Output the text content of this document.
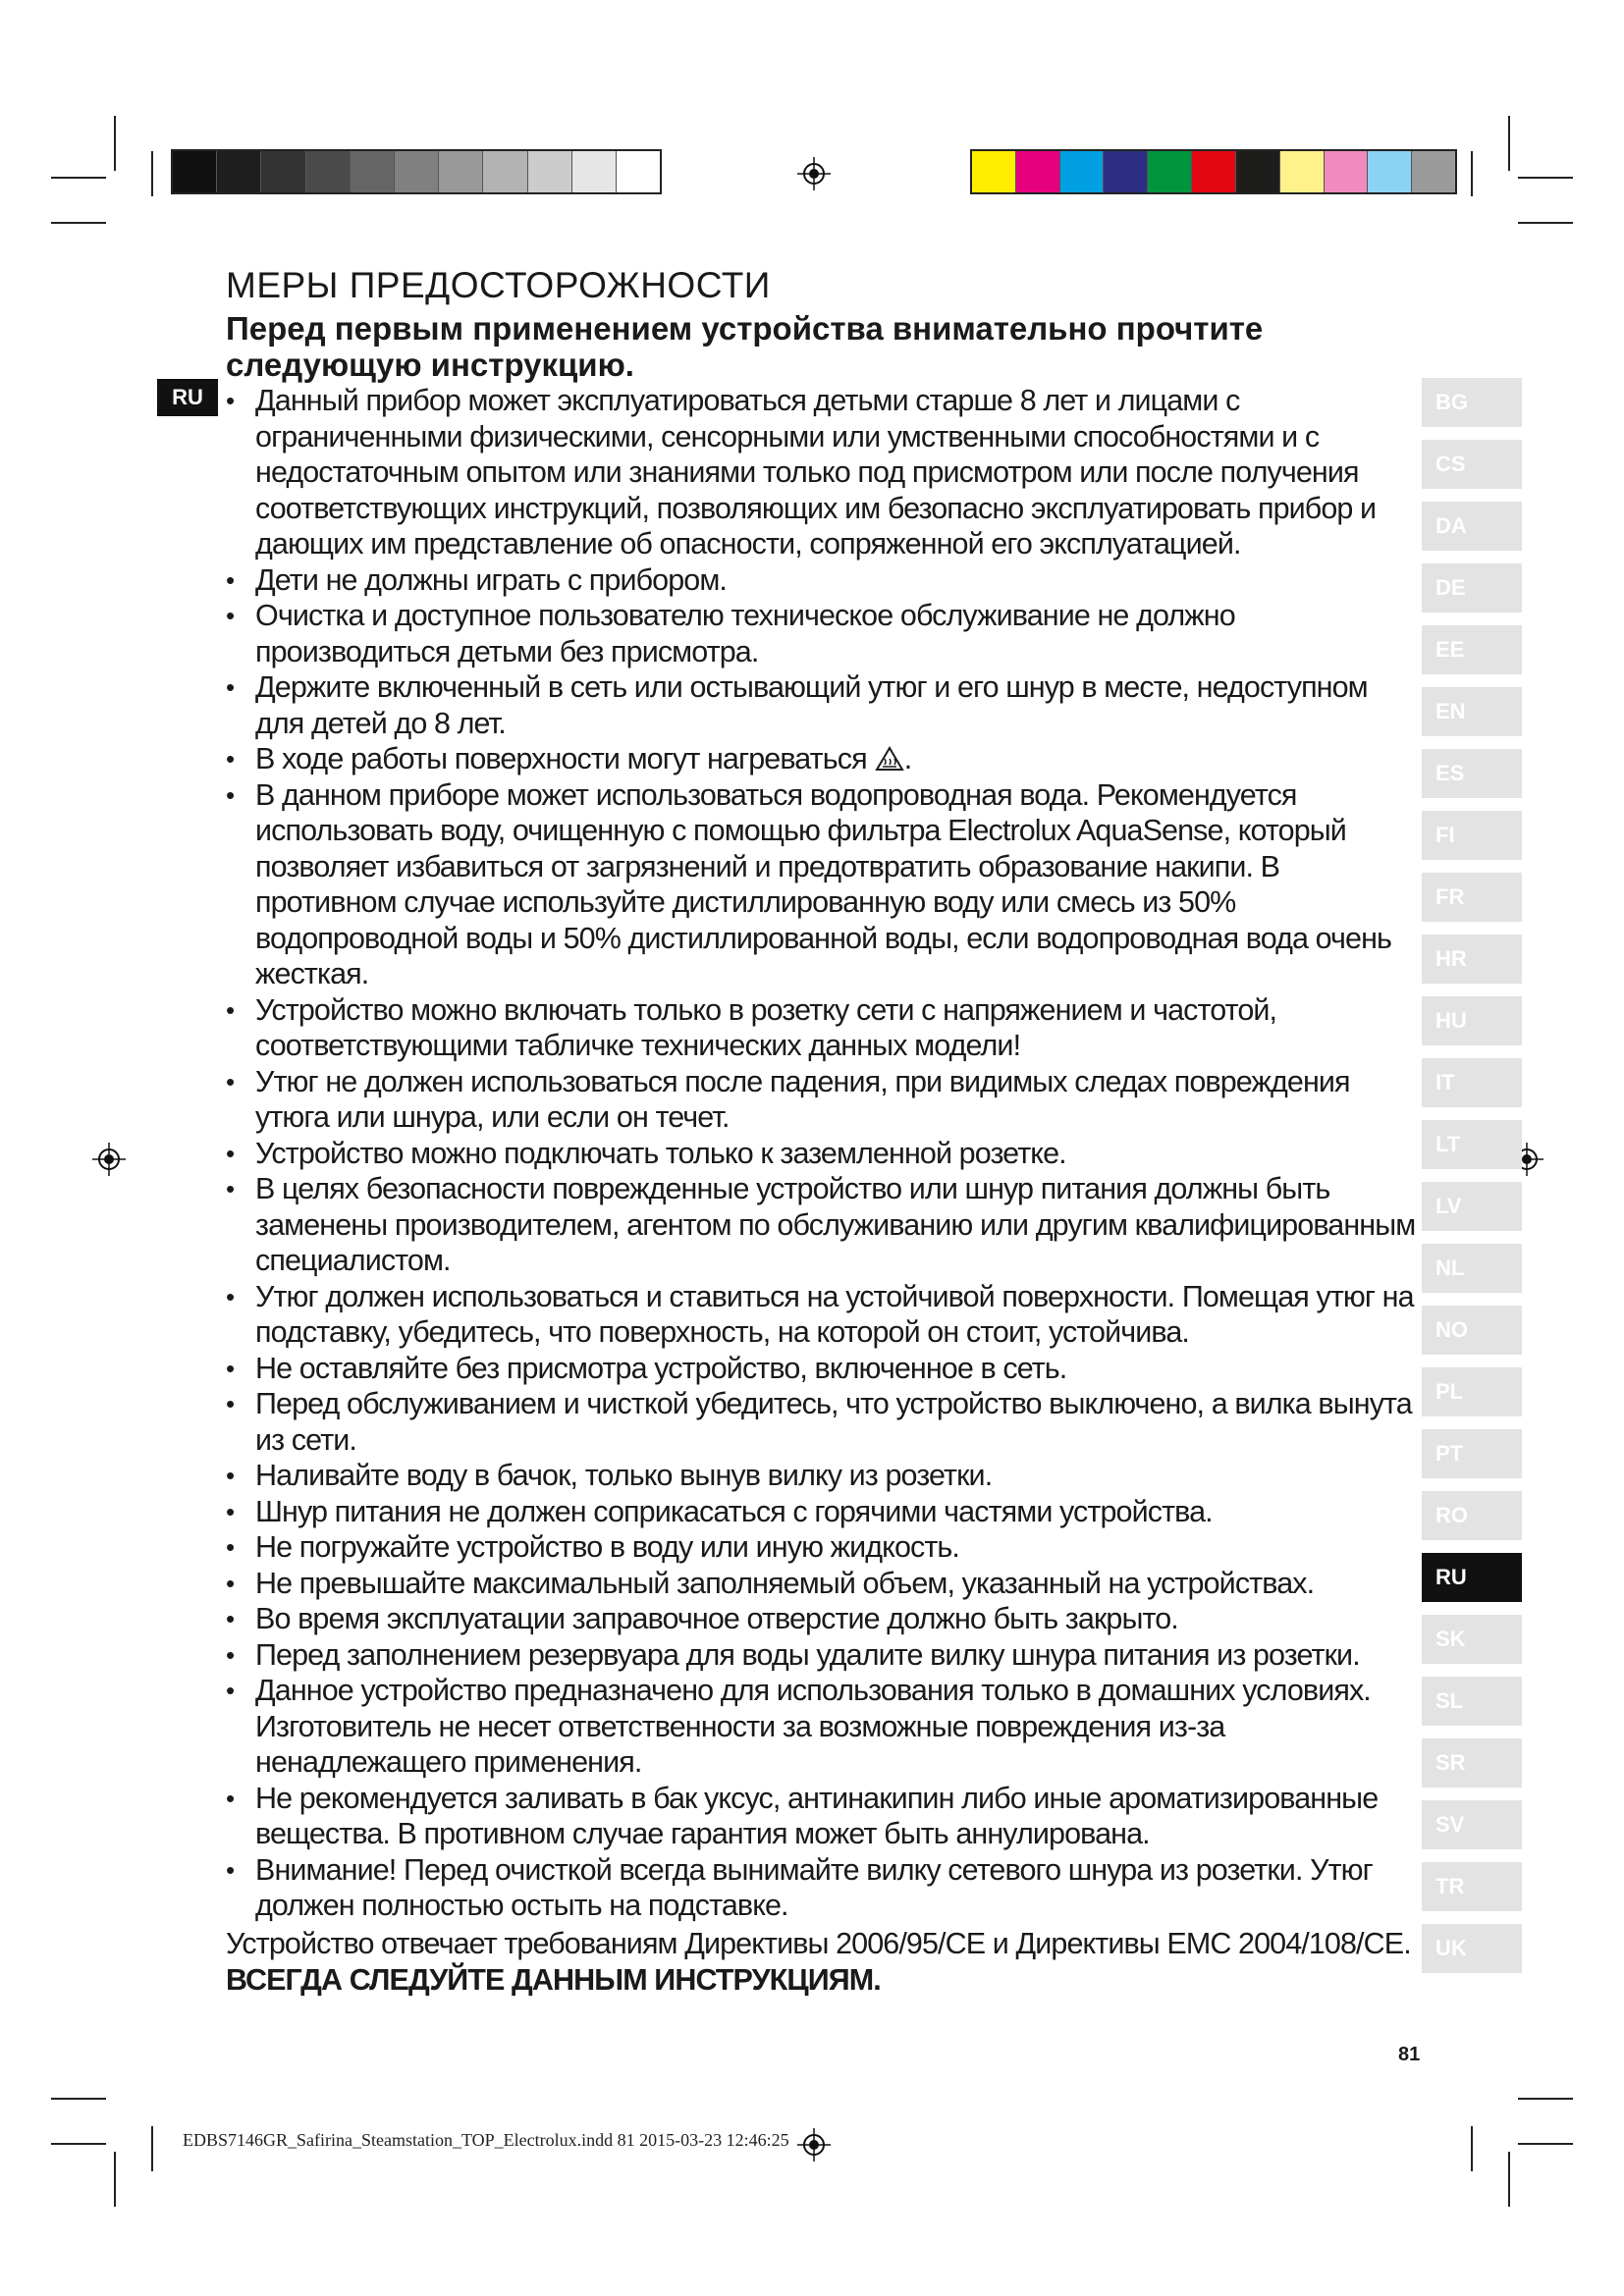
МЕРЫ ПРЕДОСТОРОЖНОСТИ
Перед первым применением устройства внимательно прочтите следующую инструкцию.
RU
•	Данный прибор может эксплуатироваться детьми старше 8 лет и лицами с ограниченными физическими, сенсорными или умственными способностями и с недостаточным опытом или знаниями только под присмотром или после получения соответствующих инструкций, позволяющих им безопасно эксплуатировать прибор и дающих им представление об опасности, сопряженной его эксплуатацией.
• Дети не должны играть с прибором.
• Очистка и доступное пользователю техническое обслуживание не должно производиться детьми без присмотра.
• Держите включенный в сеть или остывающий утюг и его шнур в месте, недоступном для детей до 8 лет.
• В ходе работы поверхности могут нагреваться .
• В данном приборе может использоваться водопроводная вода. Рекомендуется использовать воду, очищенную с помощью фильтра Electrolux AquaSense, который позволяет избавиться от загрязнений и предотвратить образование накипи. В противном случае используйте дистиллированную воду или смесь из 50% водопроводной воды и 50% дистиллированной воды, если водопроводная вода очень жесткая.
• Устройство можно включать только в розетку сети с напряжением и частотой, соответствующими табличке технических данных модели!
• Утюг не должен использоваться после падения, при видимых следах повреждения утюга или шнура, или если он течет.
• Устройство можно подключать только к заземленной розетке.
• В целях безопасности поврежденные устройство или шнур питания должны быть заменены производителем, агентом по обслуживанию или другим квалифицированным специалистом.
• Утюг должен использоваться и ставиться на устойчивой поверхности. Помещая утюг на подставку, убедитесь, что поверхность, на которой он стоит, устойчива.
• Не оставляйте без присмотра устройство, включенное в сеть.
• Перед обслуживанием и чисткой убедитесь, что устройство выключено, а вилка вынута из сети.
• Наливайте воду в бачок, только вынув вилку из розетки.
• Шнур питания не должен соприкасаться с горячими частями устройства.
• Не погружайте устройство в воду или иную жидкость.
• Не превышайте максимальный заполняемый объем, указанный на устройствах.
• Во время эксплуатации заправочное отверстие должно быть закрыто.
• Перед заполнением резервуара для воды удалите вилку шнура питания из розетки.
• Данное устройство предназначено для использования только в домашних условиях. Изготовитель не несет ответственности за возможные повреждения из-за ненадлежащего применения.
• Не рекомендуется заливать в бак уксус, антинакипин либо иные ароматизированные вещества. В противном случае гарантия может быть аннулирована.
• Внимание! Перед очисткой всегда вынимайте вилку сетевого шнура из розетки. Утюг должен полностью остыть на подставке.

Устройство отвечает требованиям Директивы 2006/95/CE и Директивы EMC 2004/108/CE. ВСЕГДА СЛЕДУЙТЕ ДАННЫМ ИНСТРУКЦИЯМ.

BG
CS
DA
DE
EE
EN
ES
FI
FR
HR
HU
IT
LT
LV
NL
NO
PL
PT
RO
RU
SK
SL
SR
SV
TR
UK
81
EDBS7146GR_Safirina_Steamstation_TOP_Electrolux.indd 81 2015-03-23 12:46:25
